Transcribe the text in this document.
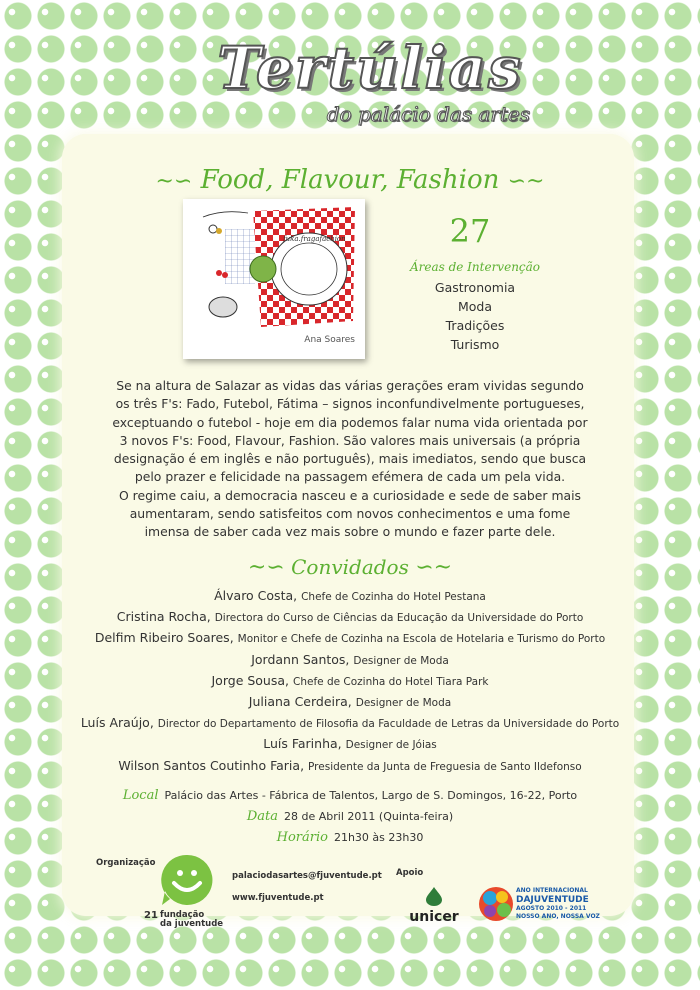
Tertúlias
do palácio das artes
~∽ Food, Flavour, Fashion ∽~
fuka.fragafachion
Ana Soares
27
Áreas de Intervenção
Gastronomia
Moda
Tradições
Turismo

Se na altura de Salazar as vidas das várias gerações eram vividas segundo os três F's: Fado, Futebol, Fátima – signos inconfundivelmente portugueses, exceptuando o futebol - hoje em dia podemos falar numa vida orientada por 3 novos F's: Food, Flavour, Fashion. São valores mais universais (a própria designação é em inglês e não português), mais imediatos, sendo que busca pelo prazer e felicidade na passagem efémera de cada um pela vida.

O regime caiu, a democracia nasceu e a curiosidade e sede de saber mais aumentaram, sendo satisfeitos com novos conhecimentos e uma fome imensa de saber cada vez mais sobre o mundo e fazer parte dele.

~∽ Convidados ∽~
Álvaro Costa, Chefe de Cozinha do Hotel Pestana
Cristina Rocha, Directora do Curso de Ciências da Educação da Universidade do Porto
Delfim Ribeiro Soares, Monitor e Chefe de Cozinha na Escola de Hotelaria e Turismo do Porto
Jordann Santos, Designer de Moda
Jorge Sousa, Chefe de Cozinha do Hotel Tiara Park
Juliana Cerdeira, Designer de Moda
Luís Araújo, Director do Departamento de Filosofia da Faculdade de Letras da Universidade do Porto
Luís Farinha, Designer de Jóias
Wilson Santos Coutinho Faria, Presidente da Junta de Freguesia de Santo Ildefonso
Local Palácio das Artes - Fábrica de Talentos, Largo de S. Domingos, 16-22, Porto
Data 28 de Abril 2011 (Quinta-feira)
Horário 21h30 às 23h30
Organização
21 fundação
da juventude
palaciodasartes@fjuventude.pt
www.fjuventude.pt
Apoio
unicer
ANO INTERNACIONAL
DAJUVENTUDE
AGOSTO 2010 - 2011
NOSSO ANO, NOSSA VOZ
